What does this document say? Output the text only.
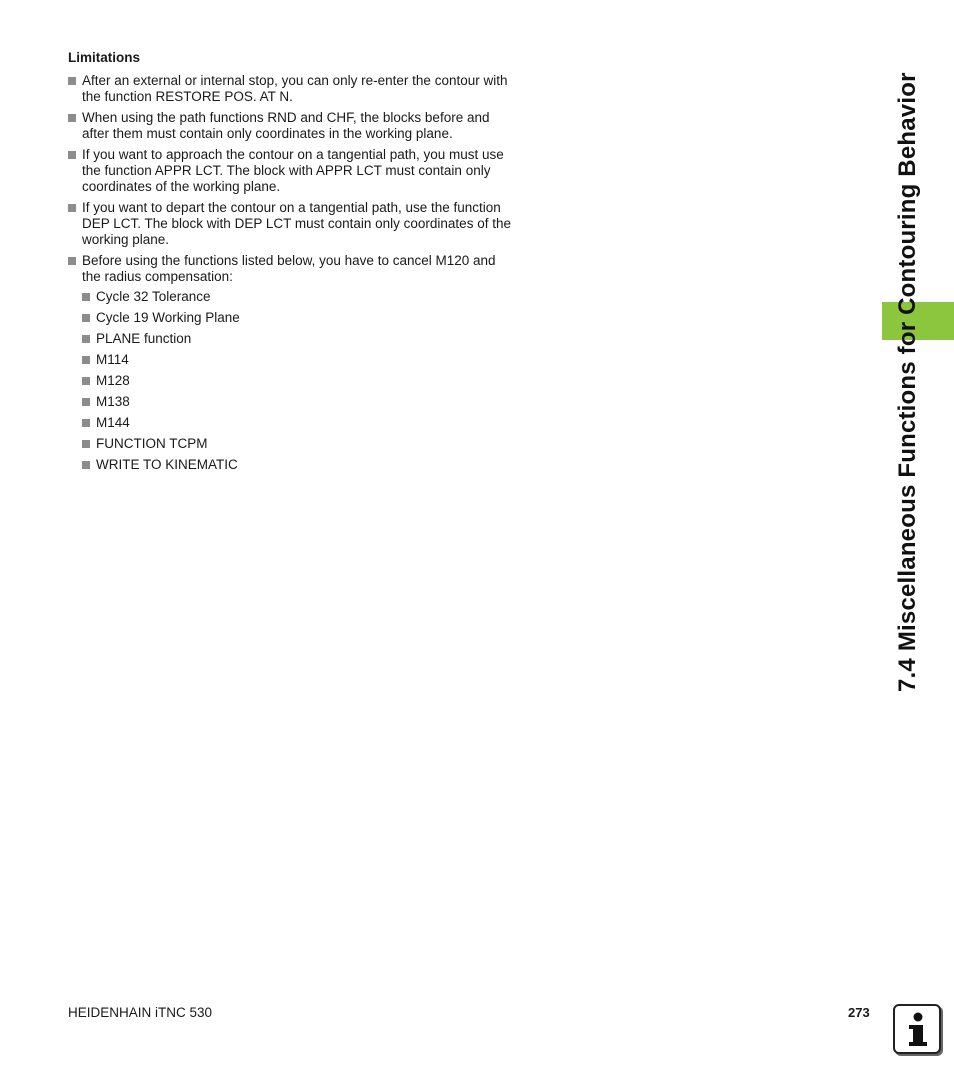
Limitations
After an external or internal stop, you can only re-enter the contour with the function RESTORE POS. AT N.
When using the path functions RND and CHF, the blocks before and after them must contain only coordinates in the working plane.
If you want to approach the contour on a tangential path, you must use the function APPR LCT. The block with APPR LCT must contain only coordinates of the working plane.
If you want to depart the contour on a tangential path, use the function DEP LCT. The block with DEP LCT must contain only coordinates of the working plane.
Before using the functions listed below, you have to cancel M120 and the radius compensation:
Cycle 32 Tolerance
Cycle 19 Working Plane
PLANE function
M114
M128
M138
M144
FUNCTION TCPM
WRITE TO KINEMATIC	7.4 Miscellaneous Functions for Contouring Behavior
HEIDENHAIN iTNC 530	273
